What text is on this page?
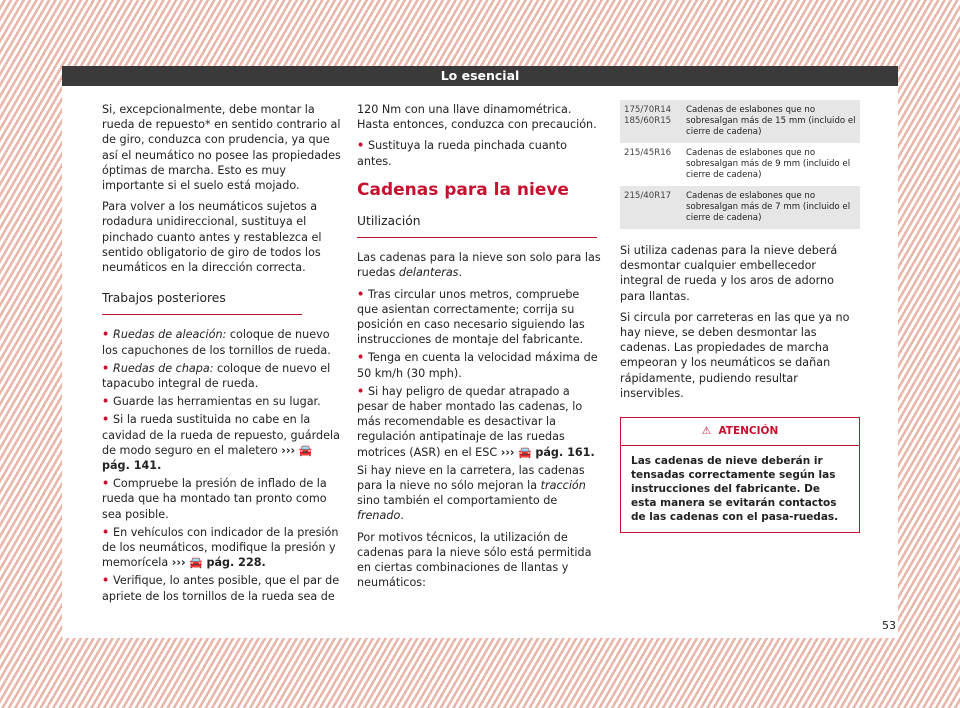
Lo esencial

Si, excepcionalmente, debe montar la rueda de repuesto* en sentido contrario al de giro, conduzca con prudencia, ya que así el neumático no posee las propiedades óptimas de marcha. Esto es muy importante si el suelo está mojado.

Para volver a los neumáticos sujetos a rodadura unidireccional, sustituya el pinchado cuanto antes y restablezca el sentido obligatorio de giro de todos los neumáticos en la dirección correcta.

Trabajos posteriores
• Ruedas de aleación: coloque de nuevo los capuchones de los tornillos de rueda.
• Ruedas de chapa: coloque de nuevo el tapacubo integral de rueda.
• Guarde las herramientas en su lugar.
• Si la rueda sustituida no cabe en la cavidad de la rueda de repuesto, guárdela de modo seguro en el maletero ››› 🚘 pág. 141.
• Compruebe la presión de inflado de la rueda que ha montado tan pronto como sea posible.
• En vehículos con indicador de la presión de los neumáticos, modifique la presión y memorícela ››› 🚘 pág. 228.
• Verifique, lo antes posible, que el par de apriete de los tornillos de la rueda sea de

120 Nm con una llave dinamométrica. Hasta entonces, conduzca con precaución.

• Sustituya la rueda pinchada cuanto antes.
Cadenas para la nieve
Utilización

Las cadenas para la nieve son solo para las ruedas delanteras.

• Tras circular unos metros, compruebe que asientan correctamente; corrija su posición en caso necesario siguiendo las instrucciones de montaje del fabricante.
• Tenga en cuenta la velocidad máxima de 50 km/h (30 mph).
• Si hay peligro de quedar atrapado a pesar de haber montado las cadenas, lo más recomendable es desactivar la regulación antipatinaje de las ruedas motrices (ASR) en el ESC ››› 🚘 pág. 161.

Si hay nieve en la carretera, las cadenas para la nieve no sólo mejoran la tracción sino también el comportamiento de frenado.

Por motivos técnicos, la utilización de cadenas para la nieve sólo está permitida en ciertas combinaciones de llantas y neumáticos:

175/70R14
185/60R15	Cadenas de eslabones que no sobresalgan más de 15 mm (incluido el cierre de cadena)
215/45R16	Cadenas de eslabones que no sobresalgan más de 9 mm (incluido el cierre de cadena)
215/40R17	Cadenas de eslabones que no sobresalgan más de 7 mm (incluido el cierre de cadena)

Si utiliza cadenas para la nieve deberá desmontar cualquier embellecedor integral de rueda y los aros de adorno para llantas.

Si circula por carreteras en las que ya no hay nieve, se deben desmontar las cadenas. Las propiedades de marcha empeoran y los neumáticos se dañan rápidamente, pudiendo resultar inservibles.

⚠ ATENCIÓN
Las cadenas de nieve deberán ir tensadas correctamente según las instrucciones del fabricante. De esta manera se evitarán contactos de las cadenas con el pasa-ruedas.
53
